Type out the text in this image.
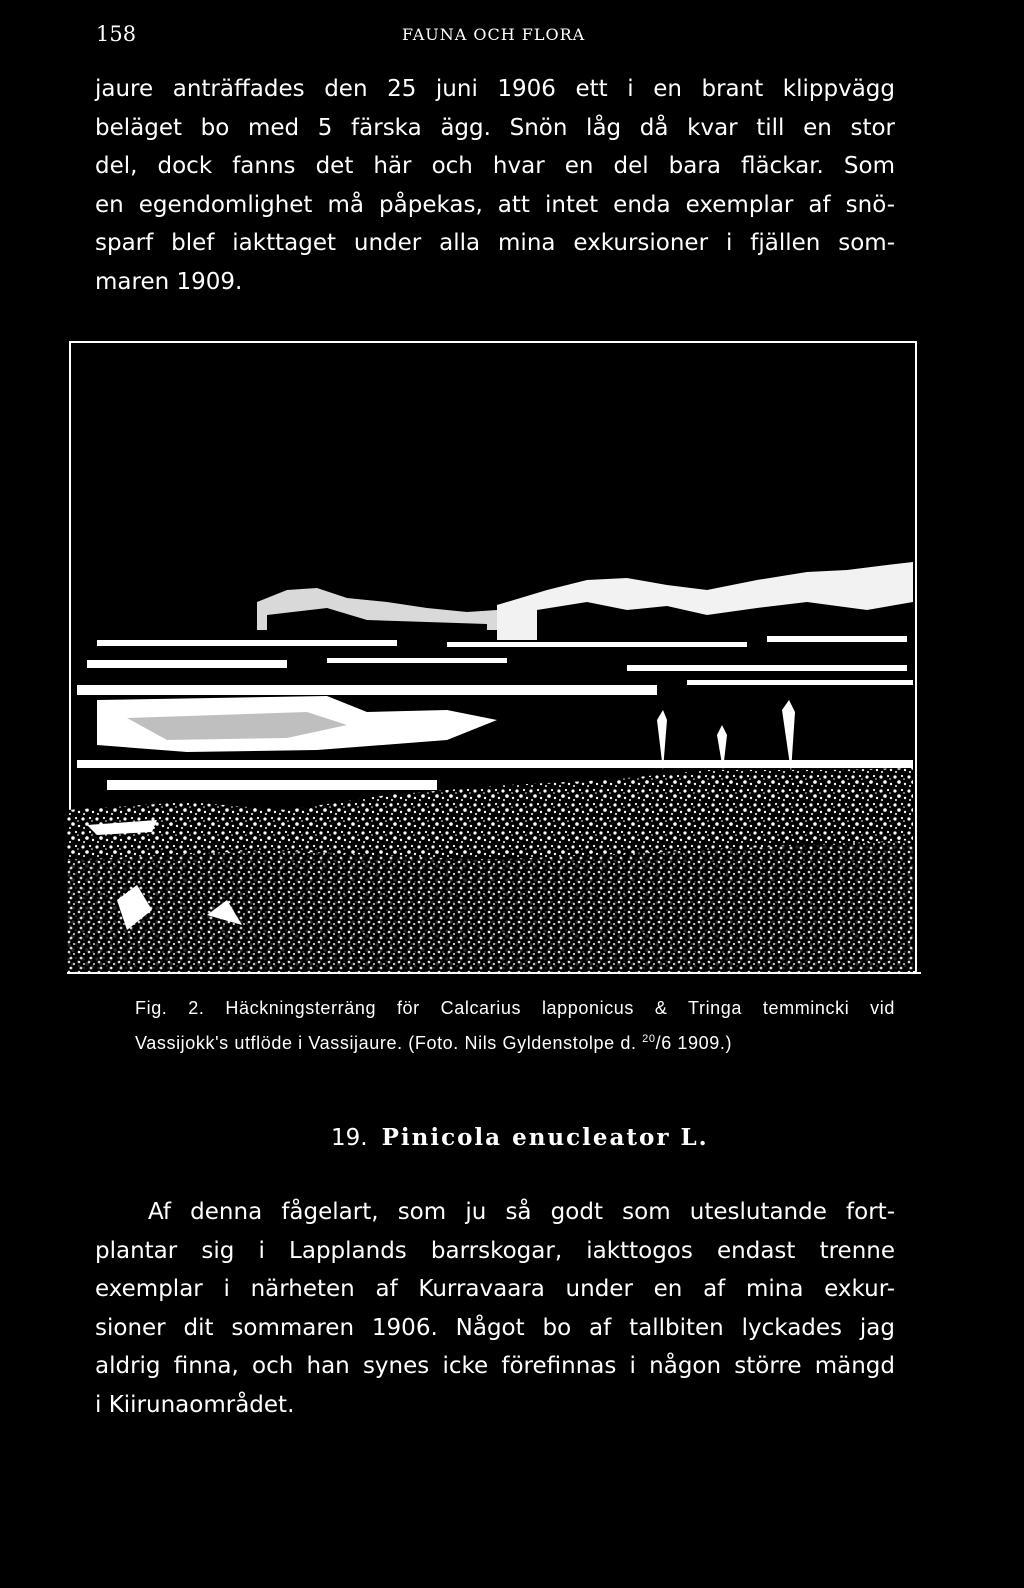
158	FAUNA OCH FLORA
jaure anträffades den 25 juni 1906 ett i en brant klippvägg
beläget bo med 5 färska ägg. Snön låg då kvar till en stor
del, dock fanns det här och hvar en del bara fläckar. Som
en egendomlighet må påpekas, att intet enda exemplar af snö-
sparf blef iakttaget under alla mina exkursioner i fjällen som-
maren 1909.
Fig. 2. Häckningsterräng för Calcarius lapponicus & Tringa temmincki vid
Vassijokk's utflöde i Vassijaure. (Foto. Nils Gyldenstolpe d. $^{20}$/6 1909.)
19. Pinicola enucleator L.
Af denna fågelart, som ju så godt som uteslutande fort-
plantar sig i Lapplands barrskogar, iakttogos endast trenne
exemplar i närheten af Kurravaara under en af mina exkur-
sioner dit sommaren 1906. Något bo af tallbiten lyckades jag
aldrig finna, och han synes icke förefinnas i någon större mängd
i Kiirunaområdet.
